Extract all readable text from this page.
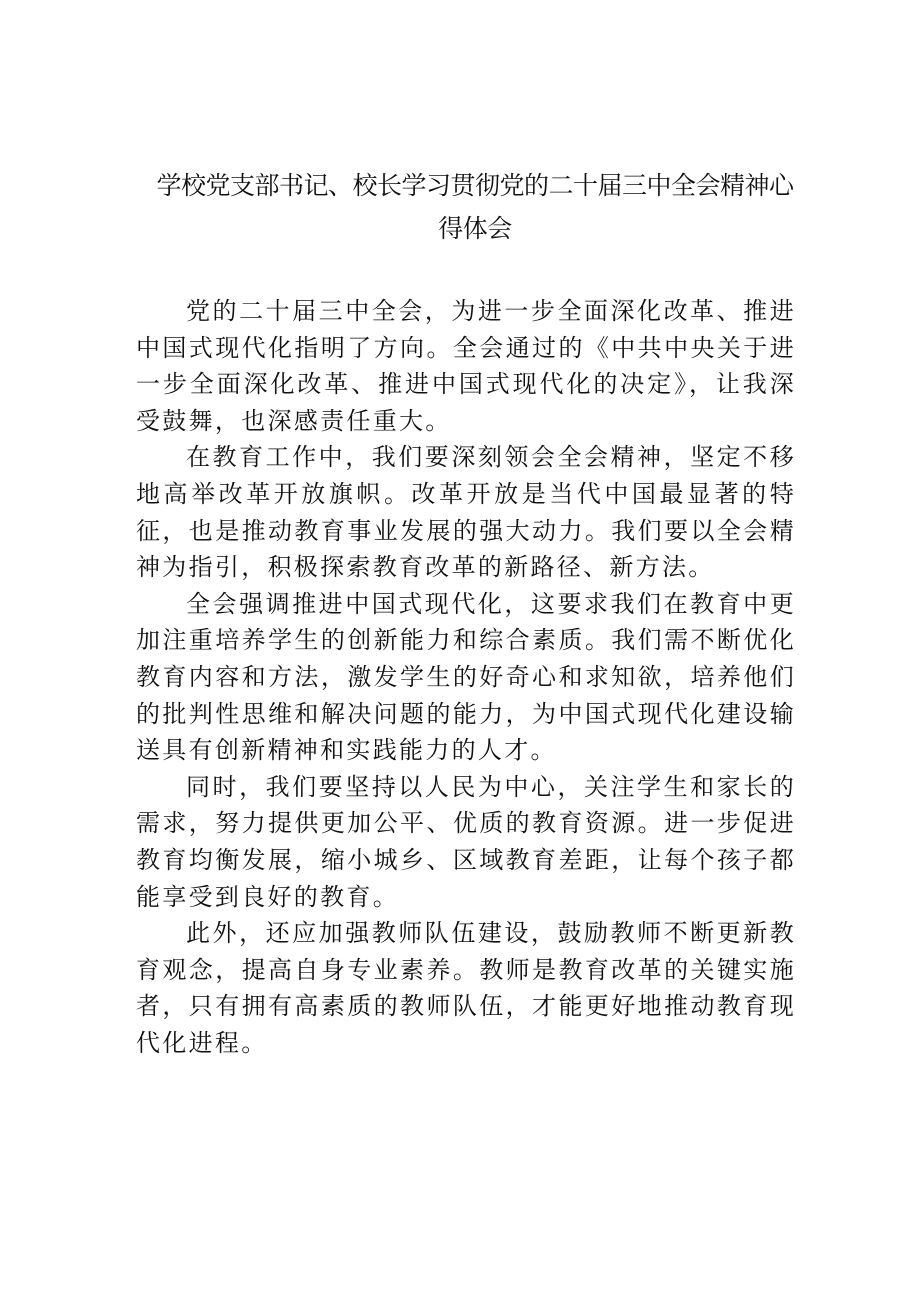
学校党支部书记、校长学习贯彻党的二十届三中全会精神心
得体会

党的二十届三中全会，为进一步全面深化改革、推进中国式现代化指明了方向。全会通过的《中共中央关于进一步全面深化改革、推进中国式现代化的决定》，让我深受鼓舞，也深感责任重大。

在教育工作中，我们要深刻领会全会精神，坚定不移地高举改革开放旗帜。改革开放是当代中国最显著的特征，也是推动教育事业发展的强大动力。我们要以全会精神为指引，积极探索教育改革的新路径、新方法。

全会强调推进中国式现代化，这要求我们在教育中更加注重培养学生的创新能力和综合素质。我们需不断优化教育内容和方法，激发学生的好奇心和求知欲，培养他们的批判性思维和解决问题的能力，为中国式现代化建设输送具有创新精神和实践能力的人才。

同时，我们要坚持以人民为中心，关注学生和家长的需求，努力提供更加公平、优质的教育资源。进一步促进教育均衡发展，缩小城乡、区域教育差距，让每个孩子都能享受到良好的教育。

此外，还应加强教师队伍建设，鼓励教师不断更新教育观念，提高自身专业素养。教师是教育改革的关键实施者，只有拥有高素质的教师队伍，才能更好地推动教育现代化进程。
